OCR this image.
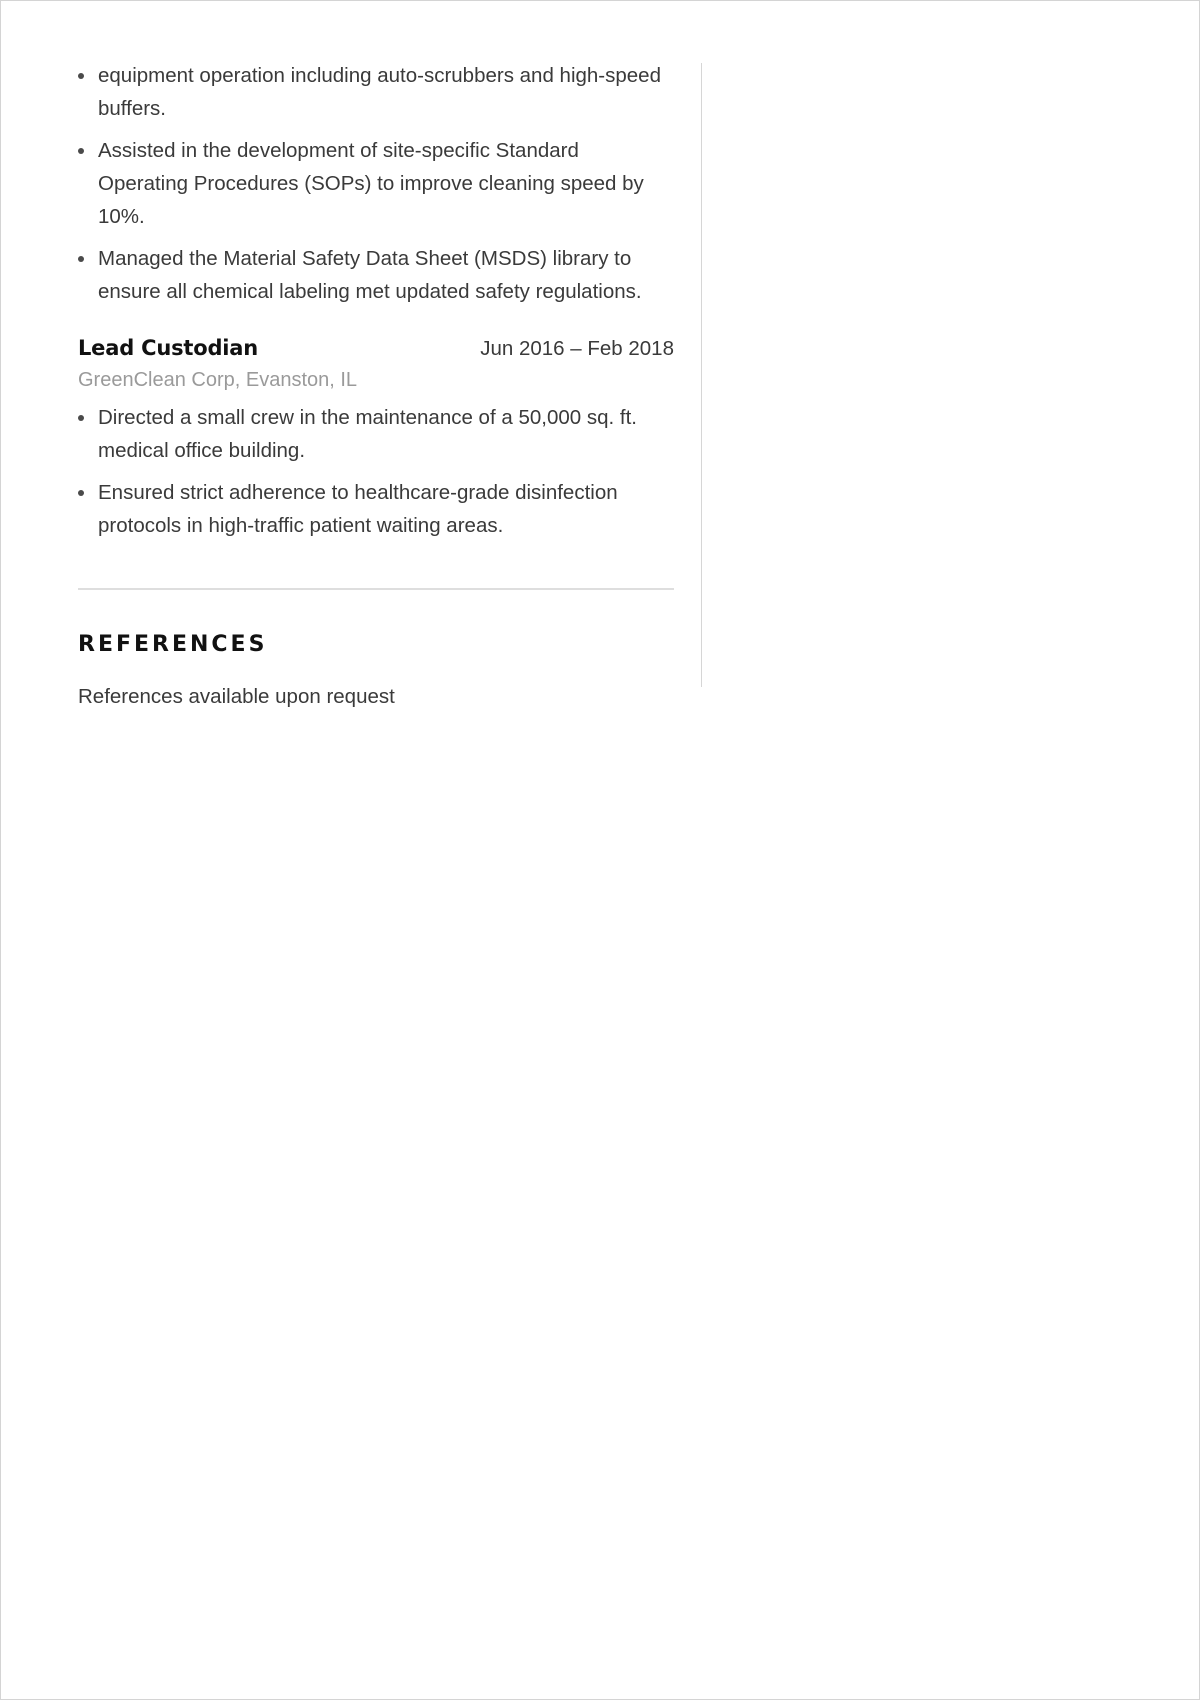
equipment operation including auto-scrubbers and high-speed buffers.
Assisted in the development of site-specific Standard Operating Procedures (SOPs) to improve cleaning speed by 10%.
Managed the Material Safety Data Sheet (MSDS) library to ensure all chemical labeling met updated safety regulations.
Lead Custodian	Jun 2016 – Feb 2018
GreenClean Corp, Evanston, IL
Directed a small crew in the maintenance of a 50,000 sq. ft. medical office building.
Ensured strict adherence to healthcare-grade disinfection protocols in high-traffic patient waiting areas.
REFERENCES
References available upon request
